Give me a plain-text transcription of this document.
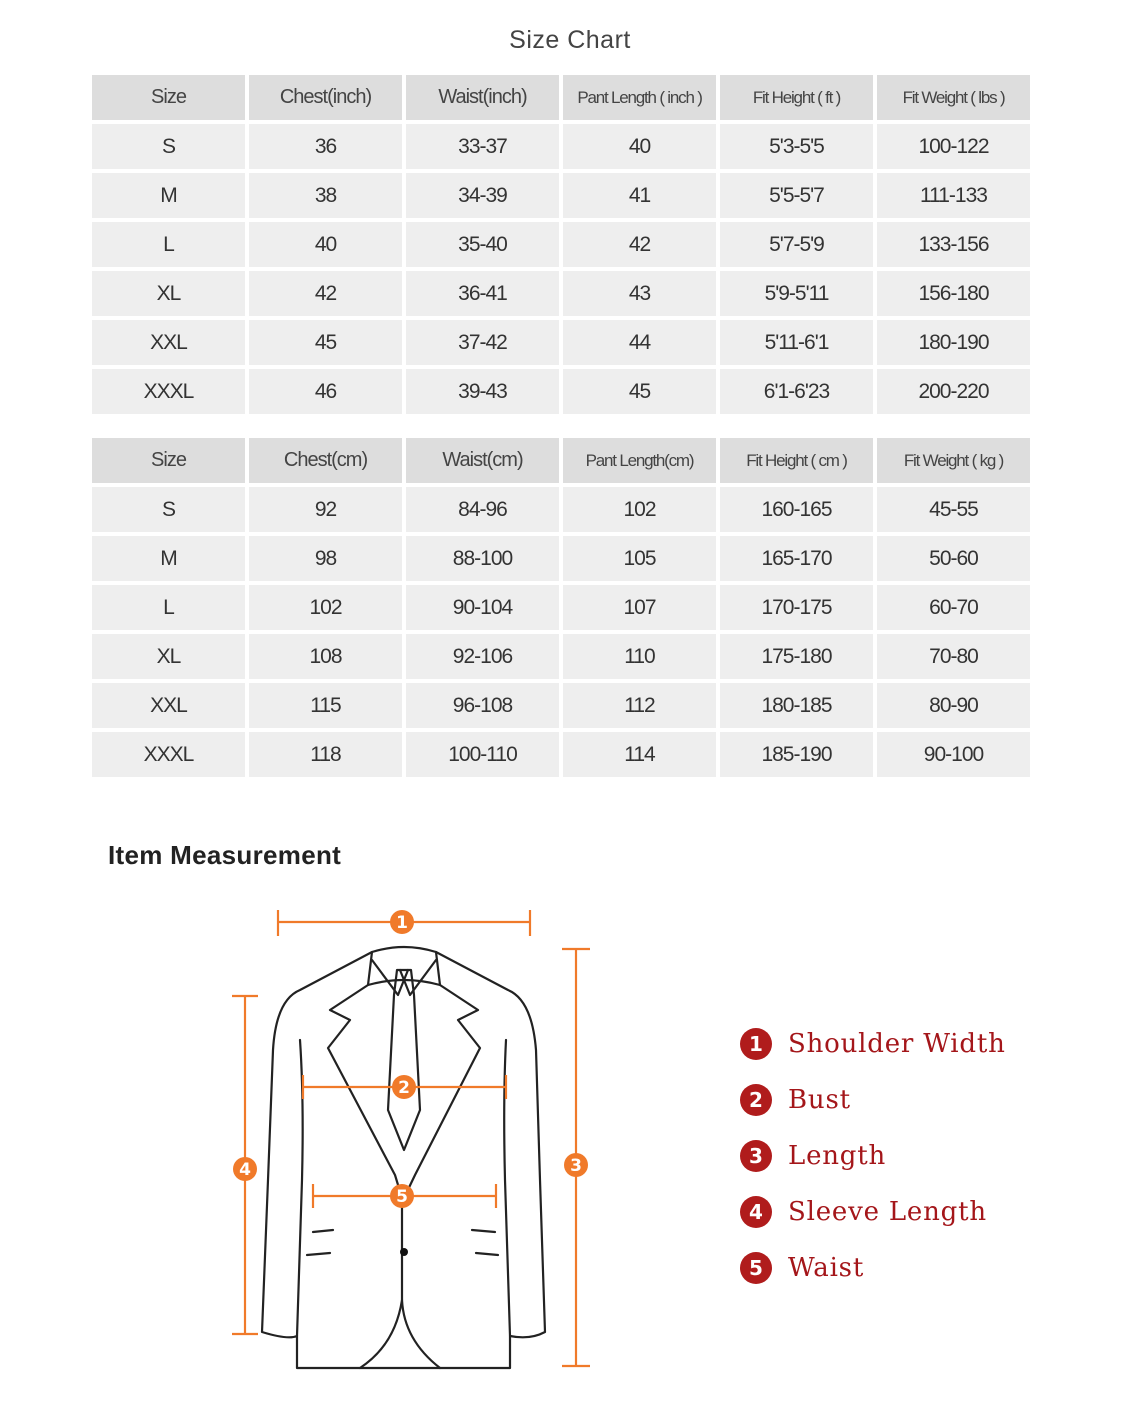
Size Chart
Size	Chest(inch)	Waist(inch)	Pant Length ( inch )	Fit Height ( ft )	Fit Weight ( lbs )
S	36	33-37	40	5'3-5'5	100-122
M	38	34-39	41	5'5-5'7	111-133
L	40	35-40	42	5'7-5'9	133-156
XL	42	36-41	43	5'9-5'11	156-180
XXL	45	37-42	44	5'11-6'1	180-190
XXXL	46	39-43	45	6'1-6'23	200-220
Size	Chest(cm)	Waist(cm)	Pant Length(cm)	Fit Height ( cm )	Fit Weight ( kg )
S	92	84-96	102	160-165	45-55
M	98	88-100	105	165-170	50-60
L	102	90-104	107	170-175	60-70
XL	108	92-106	110	175-180	70-80
XXL	115	96-108	112	180-185	80-90
XXXL	118	100-110	114	185-190	90-100
Item Measurement
1
2
3
4
5
1 Shoulder Width
2 Bust
3 Length
4 Sleeve Length
5 Waist
